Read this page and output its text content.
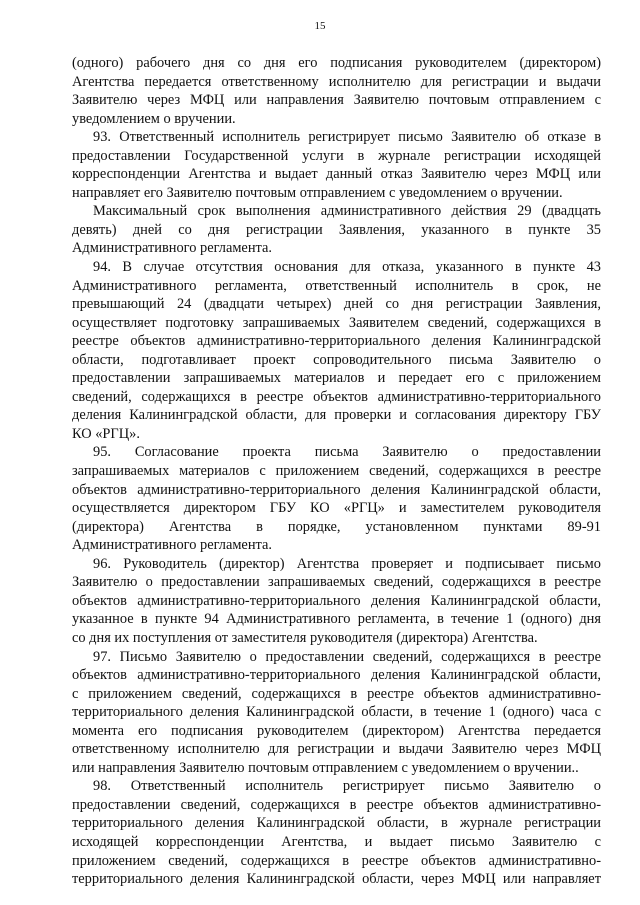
15
(одного) рабочего дня со дня его подписания руководителем (директором)
Агентства передается ответственному исполнителю для регистрации и выдачи
Заявителю через МФЦ или направления Заявителю почтовым отправлением с
уведомлением о вручении.
93. Ответственный исполнитель регистрирует письмо Заявителю об отказе в
предоставлении Государственной услуги в журнале регистрации исходящей
корреспонденции Агентства и выдает данный отказ Заявителю через МФЦ или
направляет его Заявителю почтовым отправлением с уведомлением о вручении.
Максимальный срок выполнения административного действия 29 (двадцать
девять) дней со дня регистрации Заявления, указанного в пункте 35
Административного регламента.
94. В случае отсутствия основания для отказа, указанного в пункте 43
Административного регламента, ответственный исполнитель в срок, не
превышающий 24 (двадцати четырех) дней со дня регистрации Заявления,
осуществляет подготовку запрашиваемых Заявителем сведений, содержащихся в
реестре объектов административно-территориального деления Калининградской
области, подготавливает проект сопроводительного письма Заявителю о
предоставлении запрашиваемых материалов и передает его с приложением
сведений, содержащихся в реестре объектов административно-территориального
деления Калининградской области, для проверки и согласования директору ГБУ
КО «РГЦ».
95. Согласование проекта письма Заявителю о предоставлении
запрашиваемых материалов с приложением сведений, содержащихся в реестре
объектов административно-территориального деления Калининградской области,
осуществляется директором ГБУ КО «РГЦ» и заместителем руководителя
(директора) Агентства в порядке, установленном пунктами 89-91
Административного регламента.
96. Руководитель (директор) Агентства проверяет и подписывает письмо
Заявителю о предоставлении запрашиваемых сведений, содержащихся в реестре
объектов административно-территориального деления Калининградской области,
указанное в пункте 94 Административного регламента, в течение 1 (одного) дня
со дня их поступления от заместителя руководителя (директора) Агентства.
97. Письмо Заявителю о предоставлении сведений, содержащихся в реестре
объектов административно-территориального деления Калининградской области,
с приложением сведений, содержащихся в реестре объектов административно-
территориального деления Калининградской области, в течение 1 (одного) часа с
момента его подписания руководителем (директором) Агентства передается
ответственному исполнителю для регистрации и выдачи Заявителю через МФЦ
или направления Заявителю почтовым отправлением с уведомлением о вручении..
98. Ответственный исполнитель регистрирует письмо Заявителю о
предоставлении сведений, содержащихся в реестре объектов административно-
территориального деления Калининградской области, в журнале регистрации
исходящей корреспонденции Агентства, и выдает письмо Заявителю с
приложением сведений, содержащихся в реестре объектов административно-
территориального деления Калининградской области, через МФЦ или направляет
